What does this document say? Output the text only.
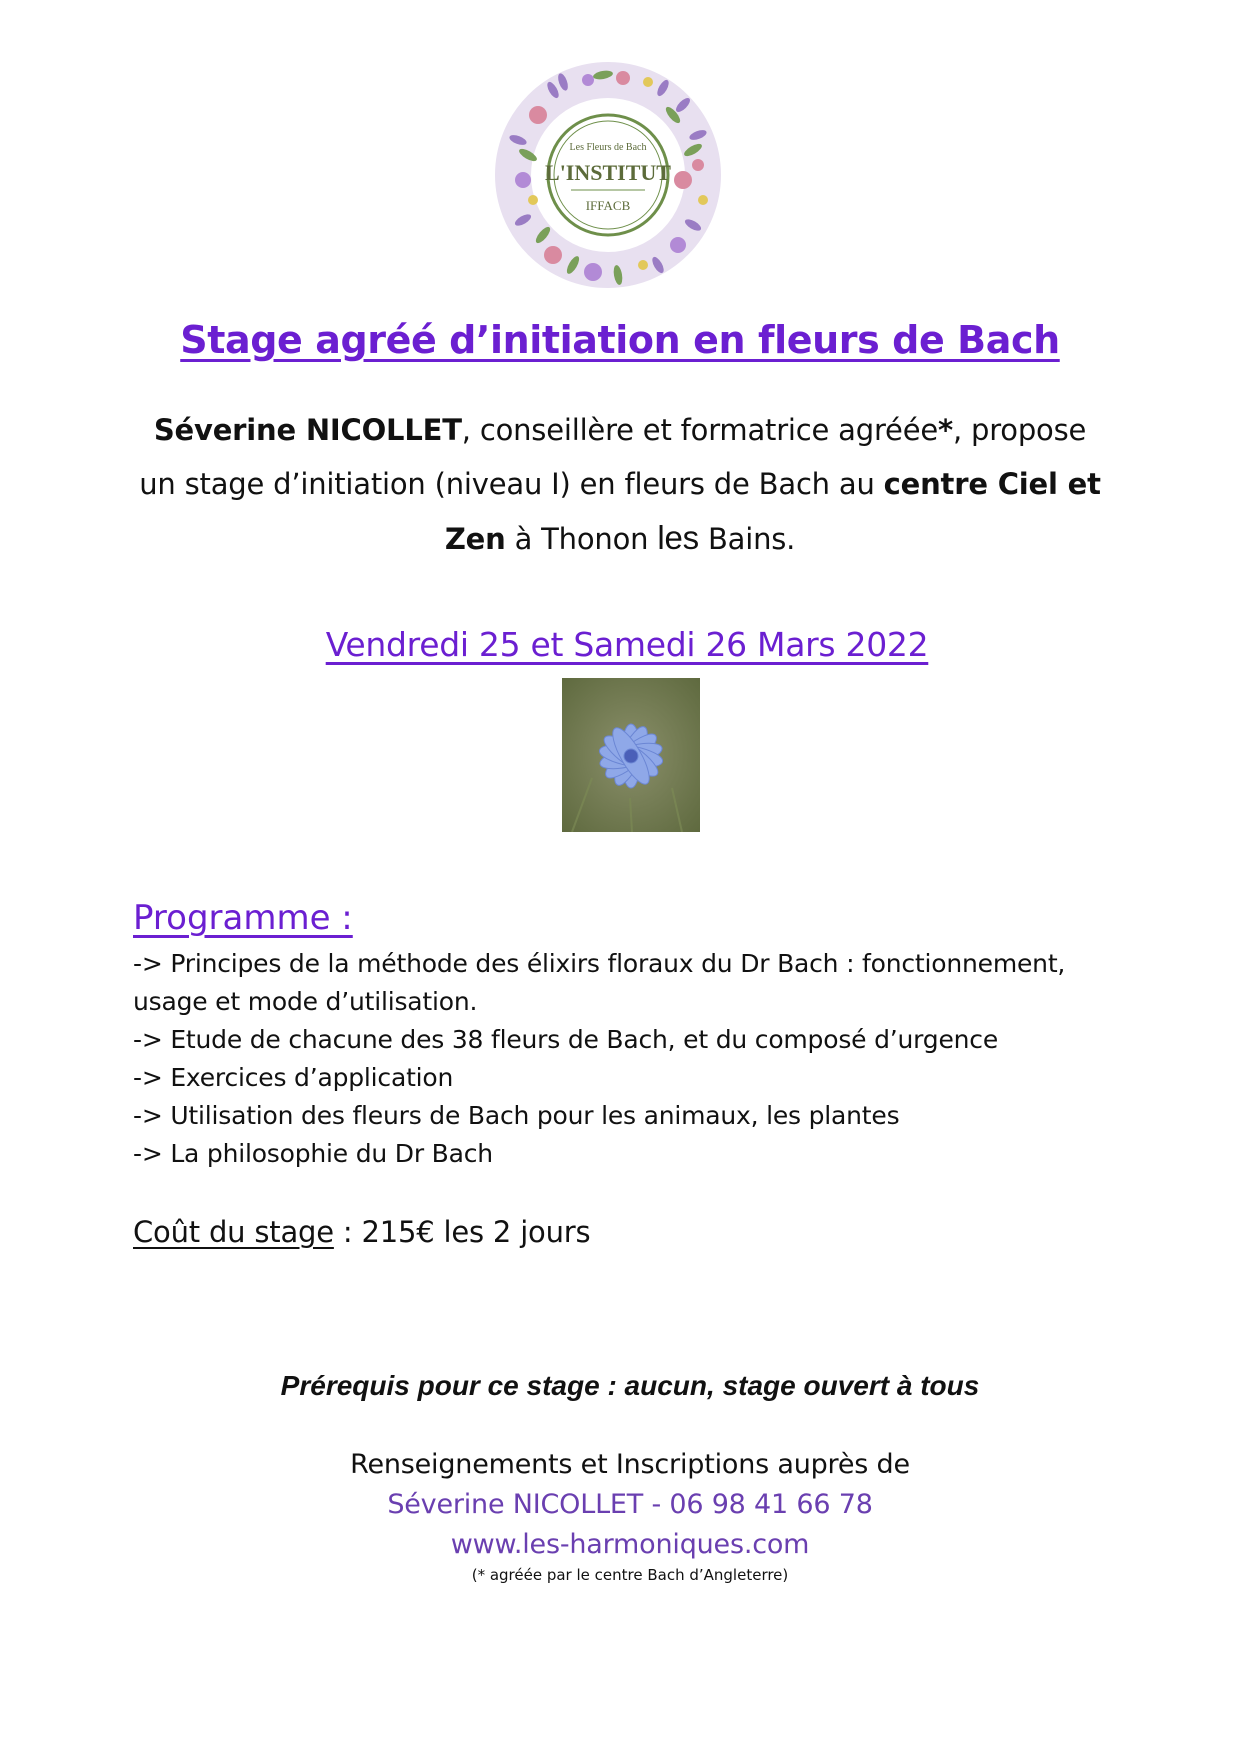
Les Fleurs de Bach
L'INSTITUT
IFFACB
Stage agréé d’initiation en fleurs de Bach
Séverine NICOLLET, conseillère et formatrice agréée*, propose
un stage d’initiation (niveau I) en fleurs de Bach au centre Ciel et
Zen à Thonon les Bains.
Vendredi 25 et Samedi 26 Mars 2022
Programme :
-> Principes de la méthode des élixirs floraux du Dr Bach : fonctionnement,
usage et mode d’utilisation.
-> Etude de chacune des 38 fleurs de Bach, et du composé d’urgence
-> Exercices d’application
-> Utilisation des fleurs de Bach pour les animaux, les plantes
-> La philosophie du Dr Bach
Coût du stage : 215€ les 2 jours
Prérequis pour ce stage : aucun, stage ouvert à tous
Renseignements et Inscriptions auprès de
Séverine NICOLLET - 06 98 41 66 78
www.les-harmoniques.com
(* agréée par le centre Bach d’Angleterre)
